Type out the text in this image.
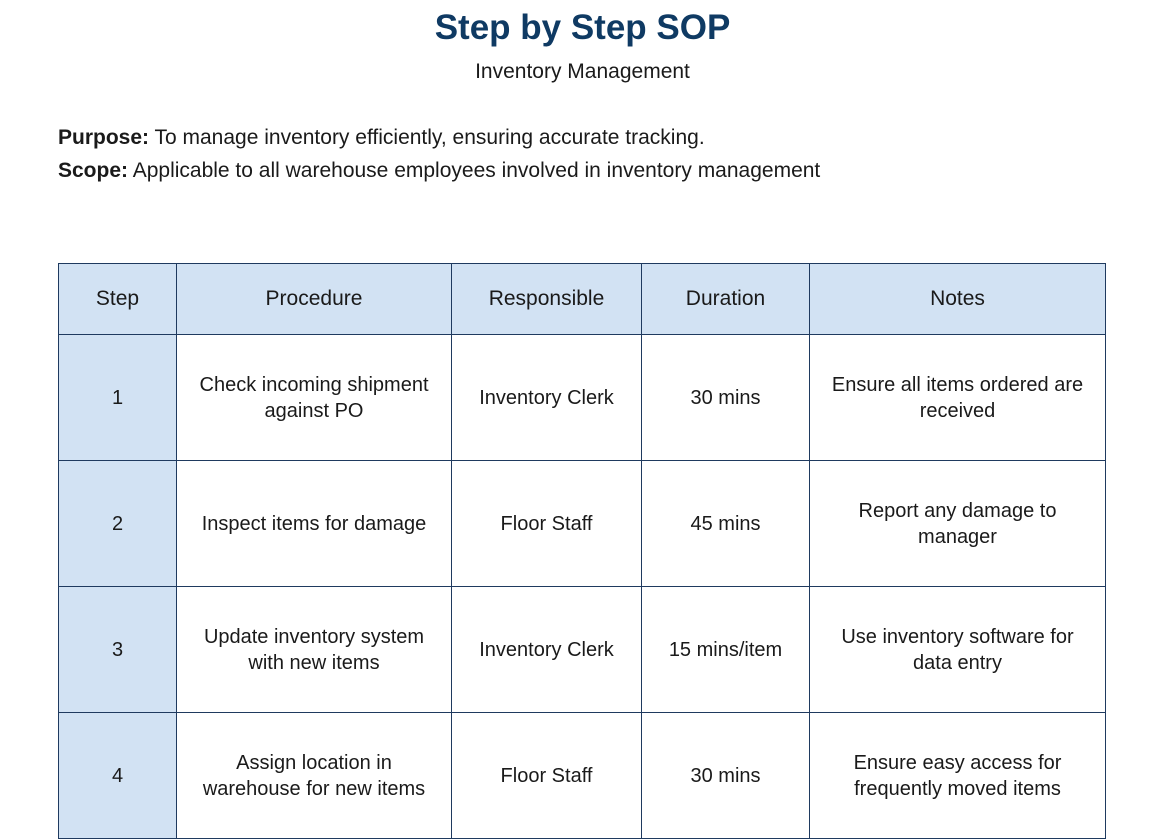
Step by Step SOP
Inventory Management
Purpose: To manage inventory efficiently, ensuring accurate tracking.
Scope: Applicable to all warehouse employees involved in inventory management
Step	Procedure	Responsible	Duration	Notes
1	Check incoming shipment against PO	Inventory Clerk	30 mins	Ensure all items ordered are received
2	Inspect items for damage	Floor Staff	45 mins	Report any damage to manager
3	Update inventory system with new items	Inventory Clerk	15 mins/item	Use inventory software for data entry
4	Assign location in warehouse for new items	Floor Staff	30 mins	Ensure easy access for frequently moved items
